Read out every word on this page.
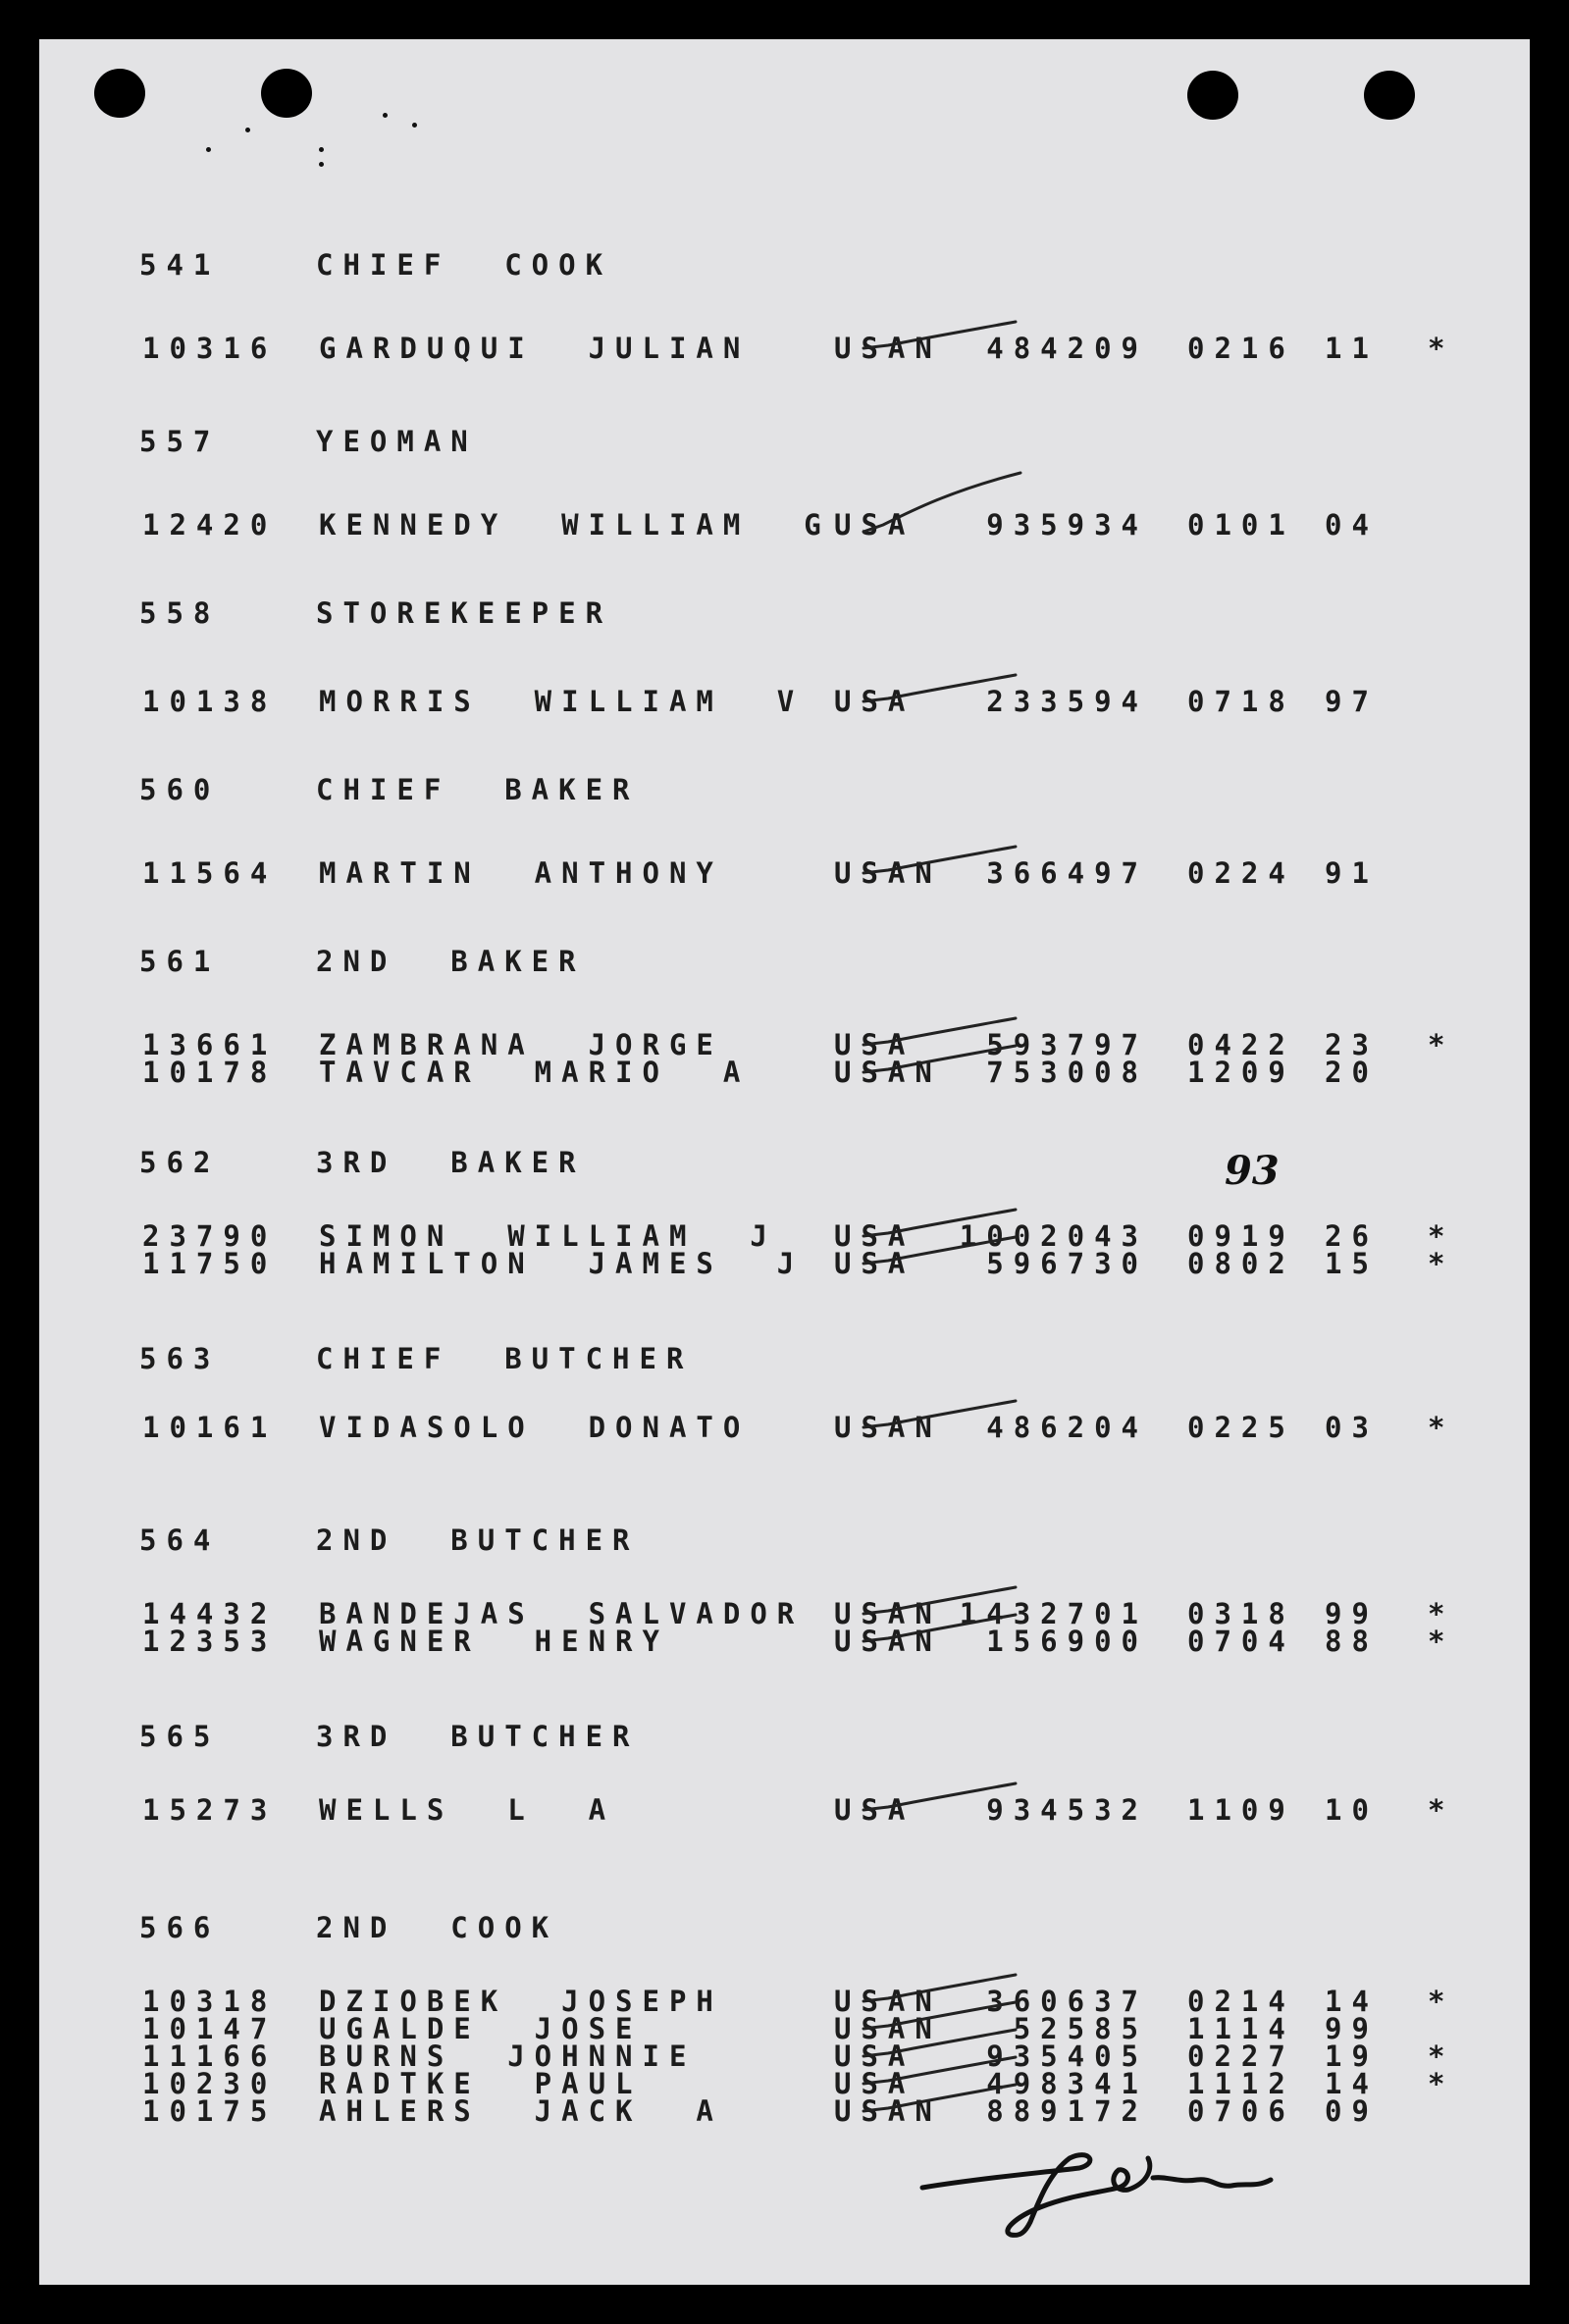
541	CHIEF  COOK
10316 GARDUQUI  JULIAN	USAN 484209 0216 11 *
557	YEOMAN
12420 KENNEDY  WILLIAM  G USA	935934 0101 04
558	STOREKEEPER
10138 MORRIS  WILLIAM  V USA	233594 0718 97
560	CHIEF  BAKER
11564 MARTIN  ANTHONY	USAN 366497 0224 91
561	2ND  BAKER
13661 ZAMBRANA  JORGE	USA	593797 0422 23 *
10178 TAVCAR  MARIO  A	USAN 753008 1209 20
562	3RD  BAKER
23790 SIMON  WILLIAM  J USA 1002043 0919 26 *
11750 HAMILTON  JAMES  J USA	596730 0802 15 *
563	CHIEF  BUTCHER
10161 VIDASOLO  DONATO	USAN 486204 0225 03 *
564	2ND  BUTCHER
14432 BANDEJAS  SALVADOR USAN 1432701 0318 99 *
12353 WAGNER  HENRY	USAN 156900 0704 88 *
565	3RD  BUTCHER
15273 WELLS  L  A	USA	934532 1109 10 *
566	2ND  COOK
10318 DZIOBEK  JOSEPH	USAN 360637 0214 14 *
10147 UGALDE  JOSE	USAN	52585 1114 99
11166 BURNS  JOHNNIE	USA	935405 0227 19 *
10230 RADTKE  PAUL	USA	498341 1112 14 *
10175 AHLERS  JACK  A	USAN 889172 0706 09
93
